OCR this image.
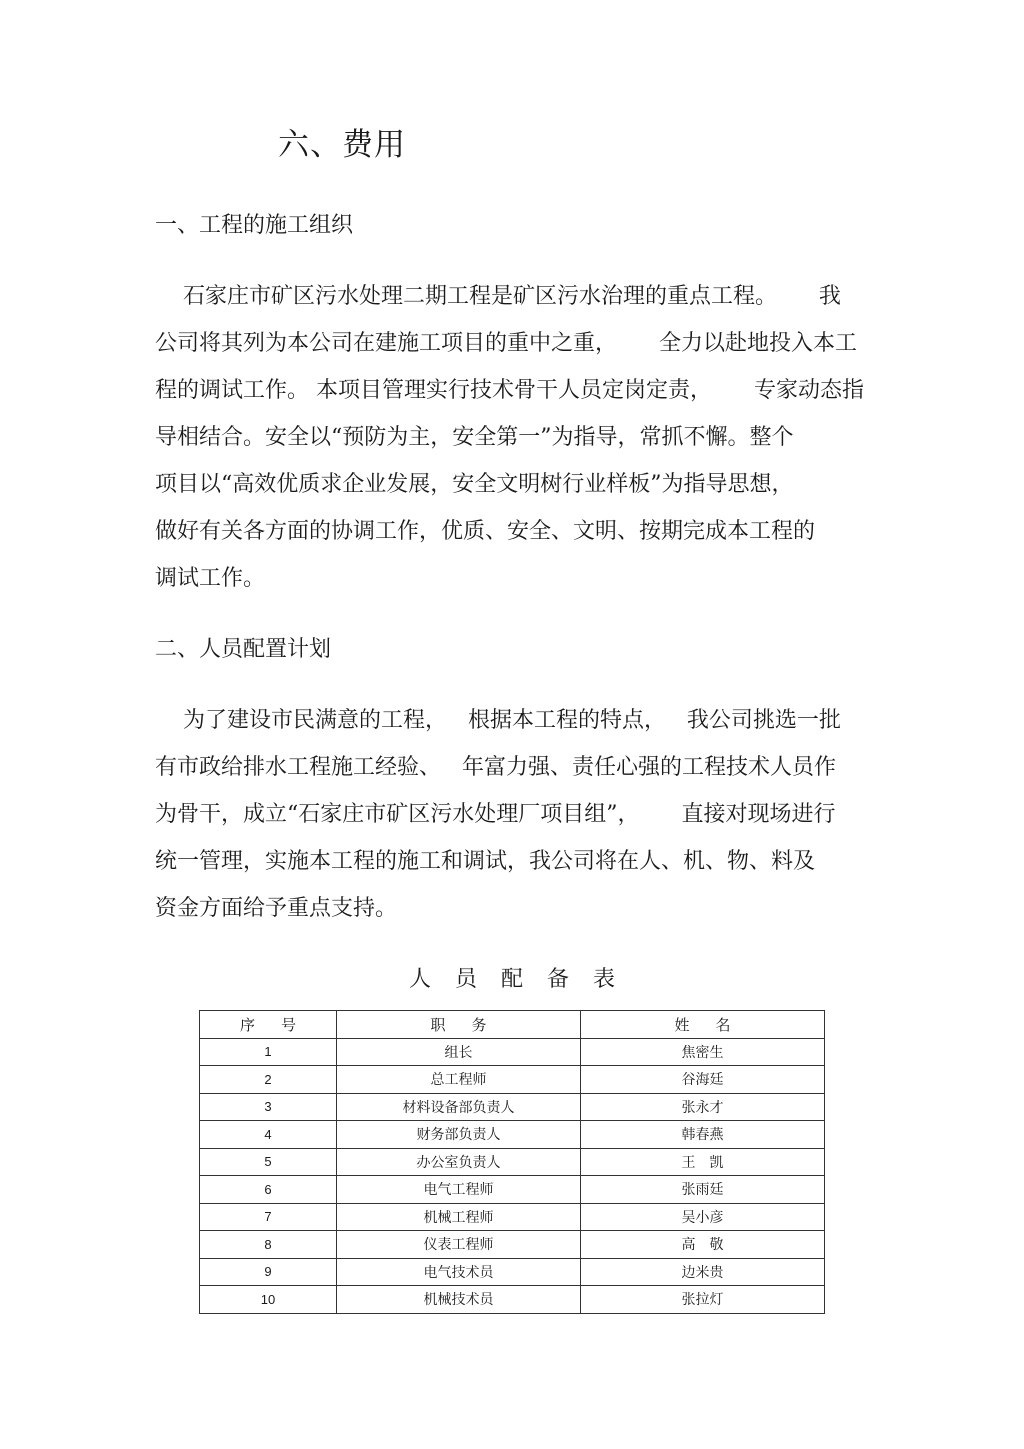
六、费用
一、工程的施工组织
石家庄市矿区污水处理二期工程是矿区污水治理的重点工程。      我
公司将其列为本公司在建施工项目的重中之重，      全力以赴地投入本工
程的调试工作。 本项目管理实行技术骨干人员定岗定责，      专家动态指
导相结合。安全以“预防为主，安全第一”为指导，常抓不懈。整个
项目以“高效优质求企业发展，安全文明树行业样板”为指导思想，
做好有关各方面的协调工作，优质、安全、文明、按期完成本工程的
调试工作。
二、人员配置计划
为了建设市民满意的工程，   根据本工程的特点，   我公司挑选一批
有市政给排水工程施工经验、   年富力强、责任心强的工程技术人员作
为骨干，成立“石家庄市矿区污水处理厂项目组”，      直接对现场进行
统一管理，实施本工程的施工和调试，我公司将在人、机、物、料及
资金方面给予重点支持。
人员配备表
序号	职务	姓名
1	组长	焦密生
2	总工程师	谷海廷
3	材料设备部负责人	张永才
4	财务部负责人	韩春燕
5	办公室负责人	王　凯
6	电气工程师	张雨廷
7	机械工程师	吴小彦
8	仪表工程师	高　敬
9	电气技术员	边米贵
10	机械技术员	张拉灯
